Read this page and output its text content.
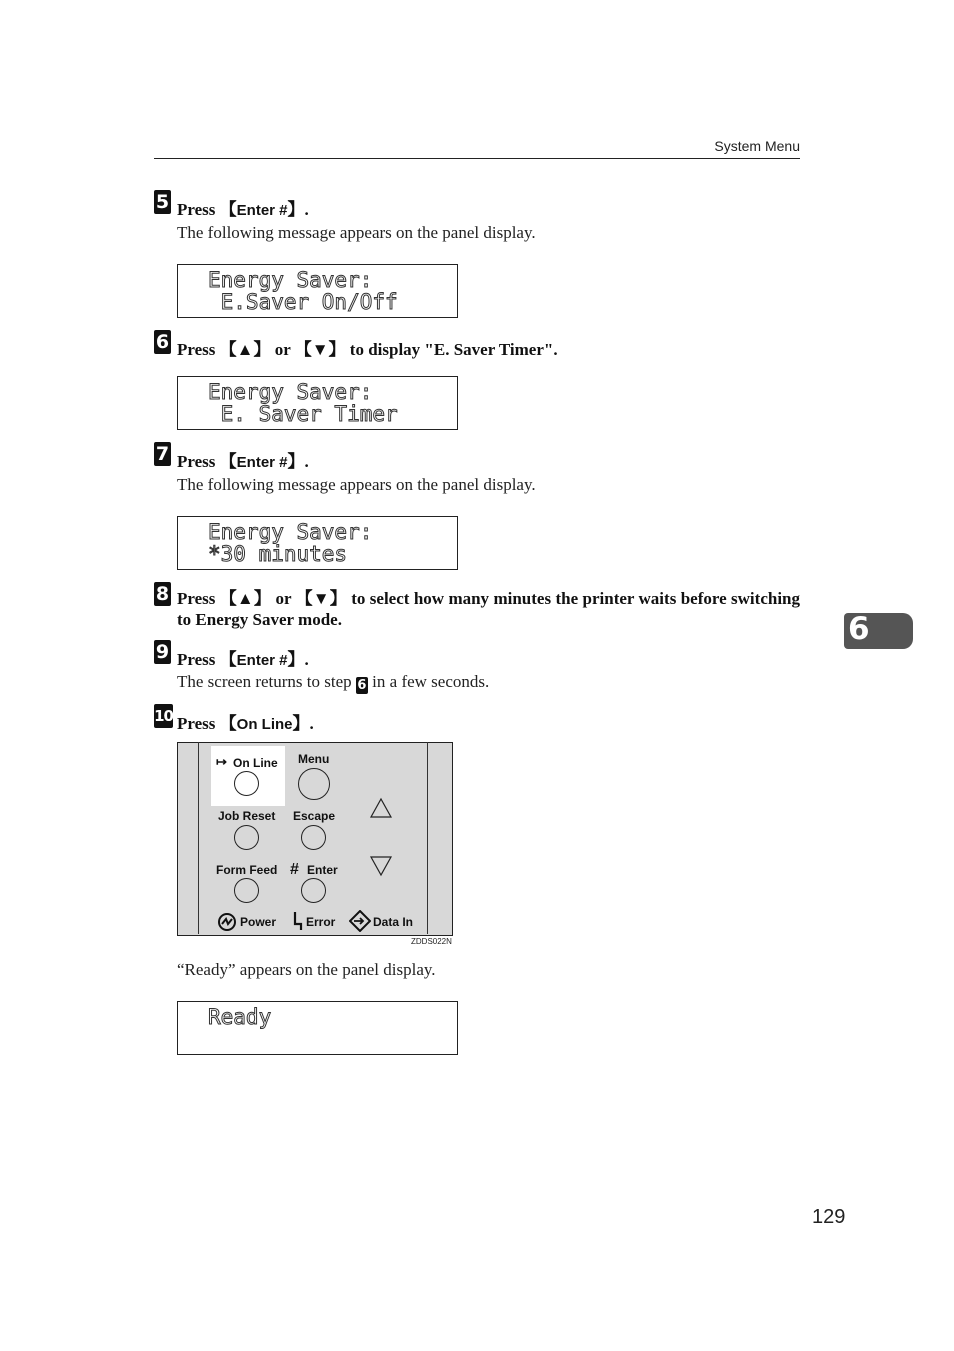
System Menu
5 Press 【Enter #】.
The following message appears on the panel display.
Energy Saver:
E.Saver On/Off
6 Press 【▲】 or 【▼】 to display "E. Saver Timer".
Energy Saver:
E. Saver Timer
7 Press 【Enter #】.
The following message appears on the panel display.
Energy Saver:
*30 minutes
8 Press 【▲】 or 【▼】 to select how many minutes the printer waits before switching to Energy Saver mode.
9 Press 【Enter #】.
The screen returns to step 6 in a few seconds.
10 Press 【On Line】.
↦ On Line Menu
Job Reset Escape
Form Feed # Enter
Power Error	Data In
ZDDS022N
“Ready” appears on the panel display.
Ready
6
129
